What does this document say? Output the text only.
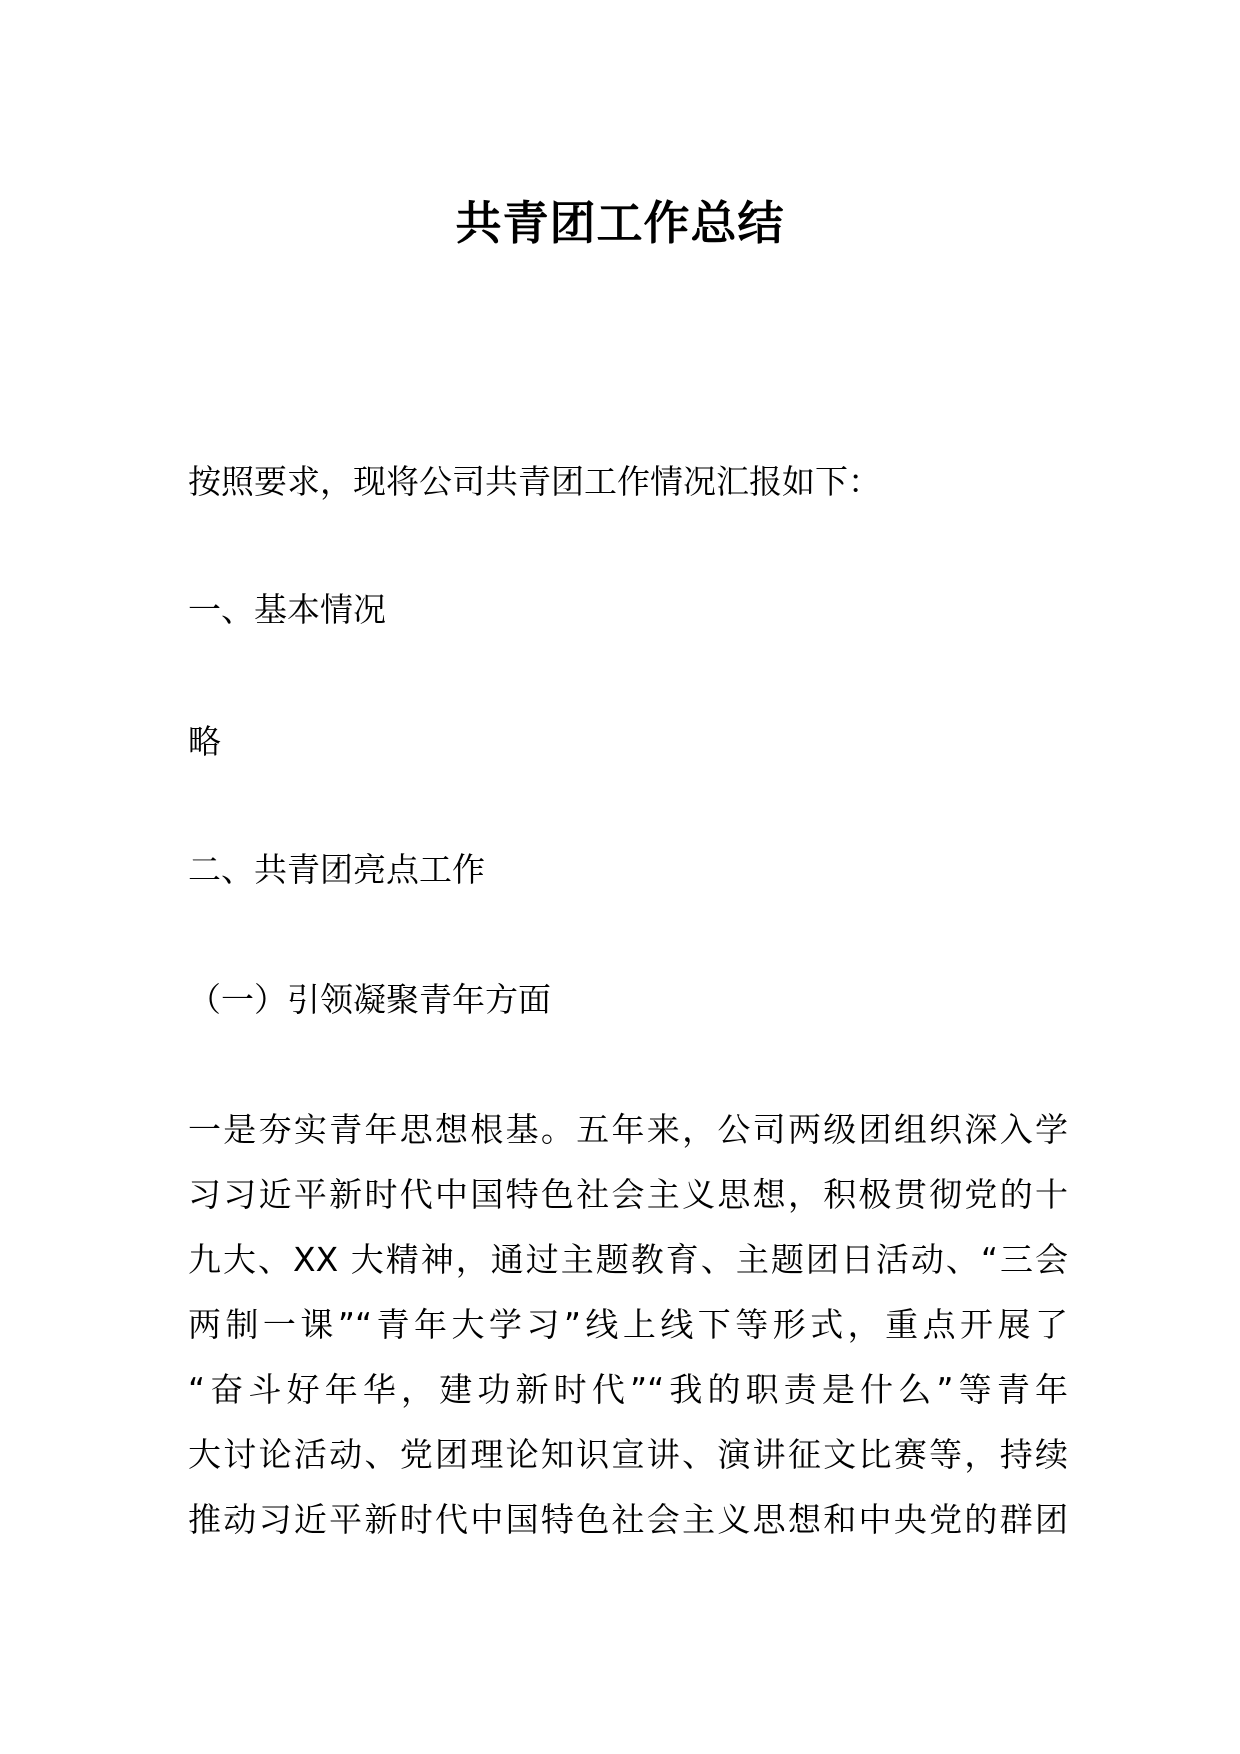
共青团工作总结
按照要求，现将公司共青团工作情况汇报如下：
一、基本情况
略
二、共青团亮点工作
（一）引领凝聚青年方面
一是夯实青年思想根基。五年来，公司两级团组织深入学
习习近平新时代中国特色社会主义思想，积极贯彻党的十
九大、XX 大精神，通过主题教育、主题团日活动、“三会
两制一课”“青年大学习”线上线下等形式，重点开展了
“奋斗好年华，建功新时代”“我的职责是什么”等青年
大讨论活动、党团理论知识宣讲、演讲征文比赛等，持续
推动习近平新时代中国特色社会主义思想和中央党的群团
